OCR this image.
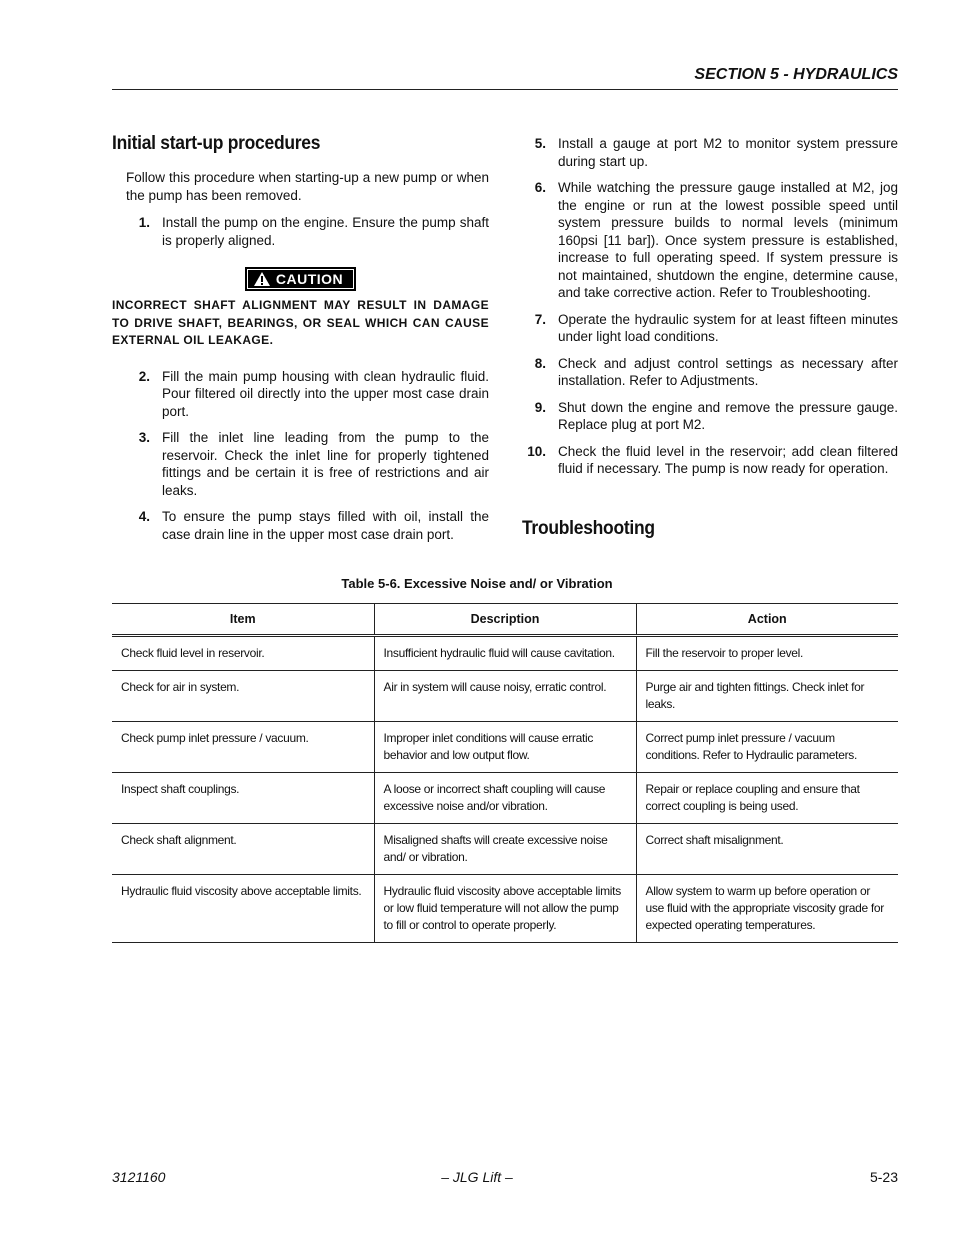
SECTION 5 - HYDRAULICS
Initial start-up procedures
Follow this procedure when starting-up a new pump or when the pump has been removed.
1. Install the pump on the engine. Ensure the pump shaft is properly aligned.
CAUTION
INCORRECT SHAFT ALIGNMENT MAY RESULT IN DAMAGE TO DRIVE SHAFT, BEARINGS, OR SEAL WHICH CAN CAUSE EXTERNAL OIL LEAKAGE.
2. Fill the main pump housing with clean hydraulic fluid. Pour filtered oil directly into the upper most case drain port.
3. Fill the inlet line leading from the pump to the reservoir. Check the inlet line for properly tightened fittings and be certain it is free of restrictions and air leaks.
4. To ensure the pump stays filled with oil, install the case drain line in the upper most case drain port.
5. Install a gauge at port M2 to monitor system pressure during start up.
6. While watching the pressure gauge installed at M2, jog the engine or run at the lowest possible speed until system pressure builds to normal levels (minimum 160psi [11 bar]). Once system pressure is established, increase to full operating speed. If system pressure is not maintained, shutdown the engine, determine cause, and take corrective action. Refer to Troubleshooting.
7. Operate the hydraulic system for at least fifteen minutes under light load conditions.
8. Check and adjust control settings as necessary after installation. Refer to Adjustments.
9. Shut down the engine and remove the pressure gauge. Replace plug at port M2.
10. Check the fluid level in the reservoir; add clean filtered fluid if necessary. The pump is now ready for operation.
Troubleshooting
Table 5-6. Excessive Noise and/ or Vibration
Item	Description	Action
Check fluid level in reservoir.	Insufficient hydraulic fluid will cause cavitation.	Fill the reservoir to proper level.
Check for air in system.	Air in system will cause noisy, erratic control.	Purge air and tighten fittings. Check inlet for leaks.
Check pump inlet pressure / vacuum.	Improper inlet conditions will cause erratic behavior and low output flow.	Correct pump inlet pressure / vacuum conditions. Refer to Hydraulic parameters.
Inspect shaft couplings.	A loose or incorrect shaft coupling will cause excessive noise and/or vibration.	Repair or replace coupling and ensure that correct coupling is being used.
Check shaft alignment.	Misaligned shafts will create excessive noise and/ or vibration.	Correct shaft misalignment.
Hydraulic fluid viscosity above acceptable limits.	Hydraulic fluid viscosity above acceptable limits or low fluid temperature will not allow the pump to fill or control to operate properly.	Allow system to warm up before operation or use fluid with the appropriate viscosity grade for expected operating temperatures.
3121160	– JLG Lift –	5-23
